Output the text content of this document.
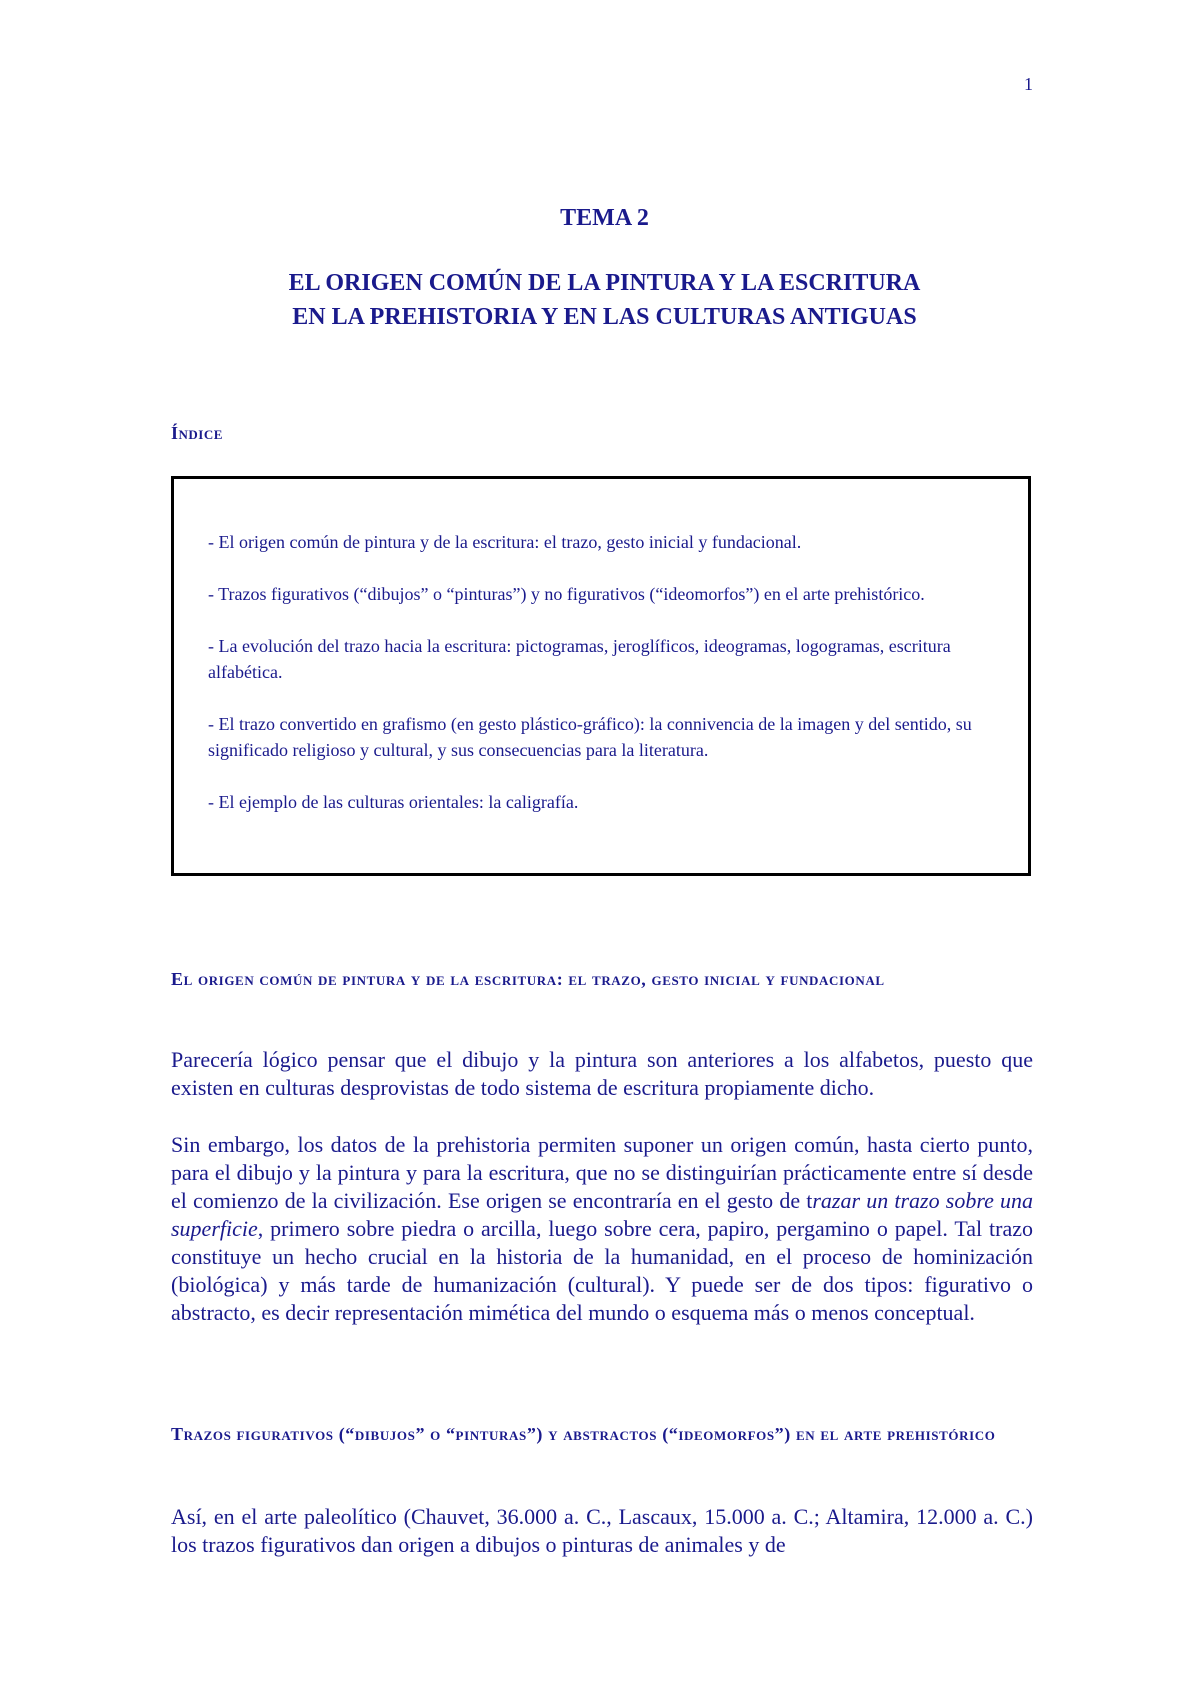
1
TEMA 2
EL ORIGEN COMÚN DE LA PINTURA Y LA ESCRITURA
EN LA PREHISTORIA Y EN LAS CULTURAS ANTIGUAS
Índice
- El origen común de pintura y de la escritura: el trazo, gesto inicial y fundacional.
- Trazos figurativos (“dibujos” o “pinturas”) y no figurativos (“ideomorfos”) en el arte prehistórico.
- La evolución del trazo hacia la escritura: pictogramas, jeroglíficos, ideogramas, logogramas, escritura alfabética.
- El trazo convertido en grafismo (en gesto plástico-gráfico): la connivencia de la imagen y del sentido, su significado religioso y cultural, y sus consecuencias para la literatura.
- El ejemplo de las culturas orientales: la caligrafía.
El origen común de pintura y de la escritura: el trazo, gesto inicial y fundacional

Parecería lógico pensar que el dibujo y la pintura son anteriores a los alfabetos, puesto que existen en culturas desprovistas de todo sistema de escritura propiamente dicho.

Sin embargo, los datos de la prehistoria permiten suponer un origen común, hasta cierto punto, para el dibujo y la pintura y para la escritura, que no se distinguirían prácticamente entre sí desde el comienzo de la civilización. Ese origen se encontraría en el gesto de trazar un trazo sobre una superficie, primero sobre piedra o arcilla, luego sobre cera, papiro, pergamino o papel. Tal trazo constituye un hecho crucial en la historia de la humanidad, en el proceso de hominización (biológica) y más tarde de humanización (cultural). Y puede ser de dos tipos: figurativo o abstracto, es decir representación mimética del mundo o esquema más o menos conceptual.

Trazos figurativos (“dibujos” o “pinturas”) y abstractos (“ideomorfos”) en el arte prehistórico

Así, en el arte paleolítico (Chauvet, 36.000 a. C., Lascaux, 15.000 a. C.; Altamira, 12.000 a. C.) los trazos figurativos dan origen a dibujos o pinturas de animales y de
